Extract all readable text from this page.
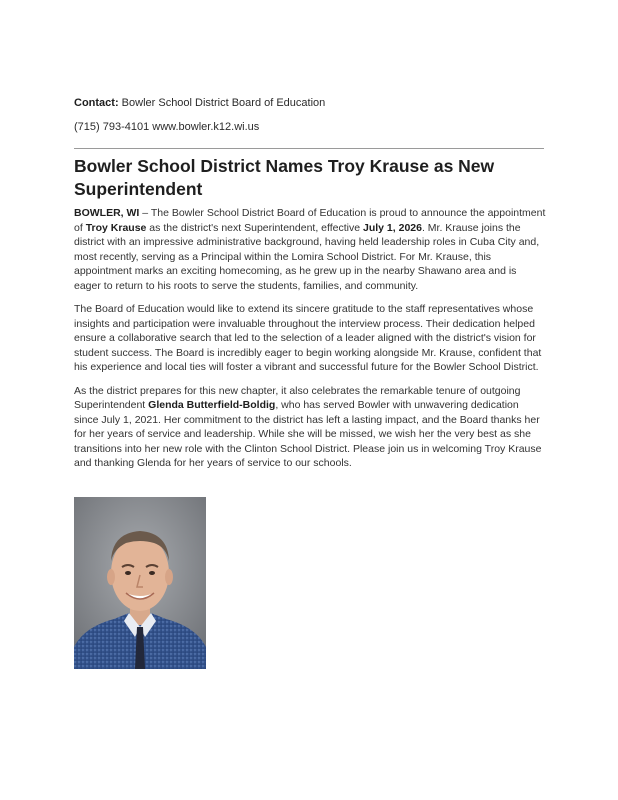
Contact: Bowler School District Board of Education
(715) 793-4101 www.bowler.k12.wi.us
Bowler School District Names Troy Krause as New Superintendent

BOWLER, WI – The Bowler School District Board of Education is proud to announce the appointment of Troy Krause as the district's next Superintendent, effective July 1, 2026. Mr. Krause joins the district with an impressive administrative background, having held leadership roles in Cuba City and, most recently, serving as a Principal within the Lomira School District. For Mr. Krause, this appointment marks an exciting homecoming, as he grew up in the nearby Shawano area and is eager to return to his roots to serve the students, families, and community.

The Board of Education would like to extend its sincere gratitude to the staff representatives whose insights and participation were invaluable throughout the interview process. Their dedication helped ensure a collaborative search that led to the selection of a leader aligned with the district's vision for student success. The Board is incredibly eager to begin working alongside Mr. Krause, confident that his experience and local ties will foster a vibrant and successful future for the Bowler School District.

As the district prepares for this new chapter, it also celebrates the remarkable tenure of outgoing Superintendent Glenda Butterfield-Boldig, who has served Bowler with unwavering dedication since July 1, 2021. Her commitment to the district has left a lasting impact, and the Board thanks her for her years of service and leadership. While she will be missed, we wish her the very best as she transitions into her new role with the Clinton School District. Please join us in welcoming Troy Krause and thanking Glenda for her years of service to our schools.
